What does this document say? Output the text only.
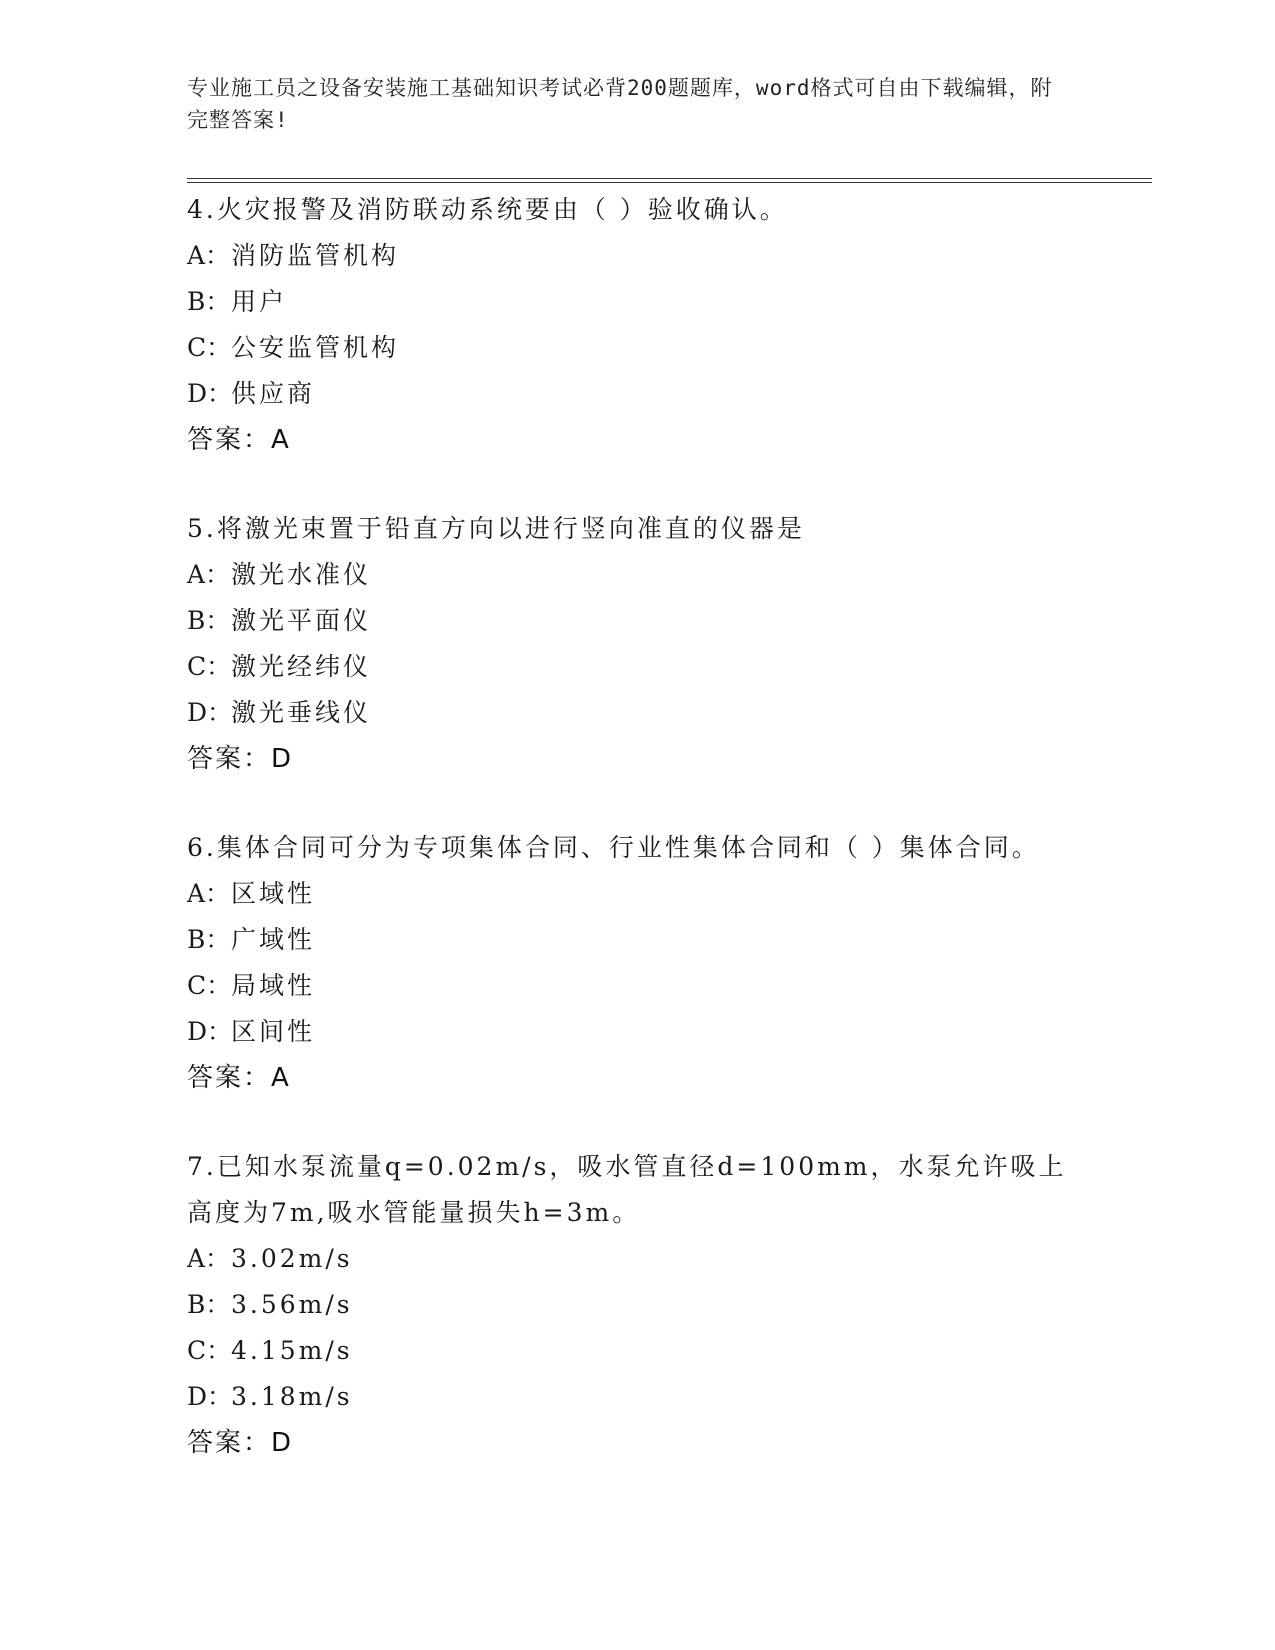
专业施工员之设备安装施工基础知识考试必背200题题库，word格式可自由下载编辑，附完整答案!

4.火灾报警及消防联动系统要由（ ）验收确认。

A：消防监管机构
B：用户
C：公安监管机构
D：供应商
答案：A

5.将激光束置于铅直方向以进行竖向准直的仪器是

A：激光水准仪
B：激光平面仪
C：激光经纬仪
D：激光垂线仪
答案：D

6.集体合同可分为专项集体合同、行业性集体合同和（ ）集体合同。

A：区域性
B：广域性
C：局域性
D：区间性
答案：A

7.已知水泵流量q=0.02m/s，吸水管直径d=100mm，水泵允许吸上高度为7m,吸水管能量损失h=3m。

A：3.02m/s
B：3.56m/s
C：4.15m/s
D：3.18m/s
答案：D
